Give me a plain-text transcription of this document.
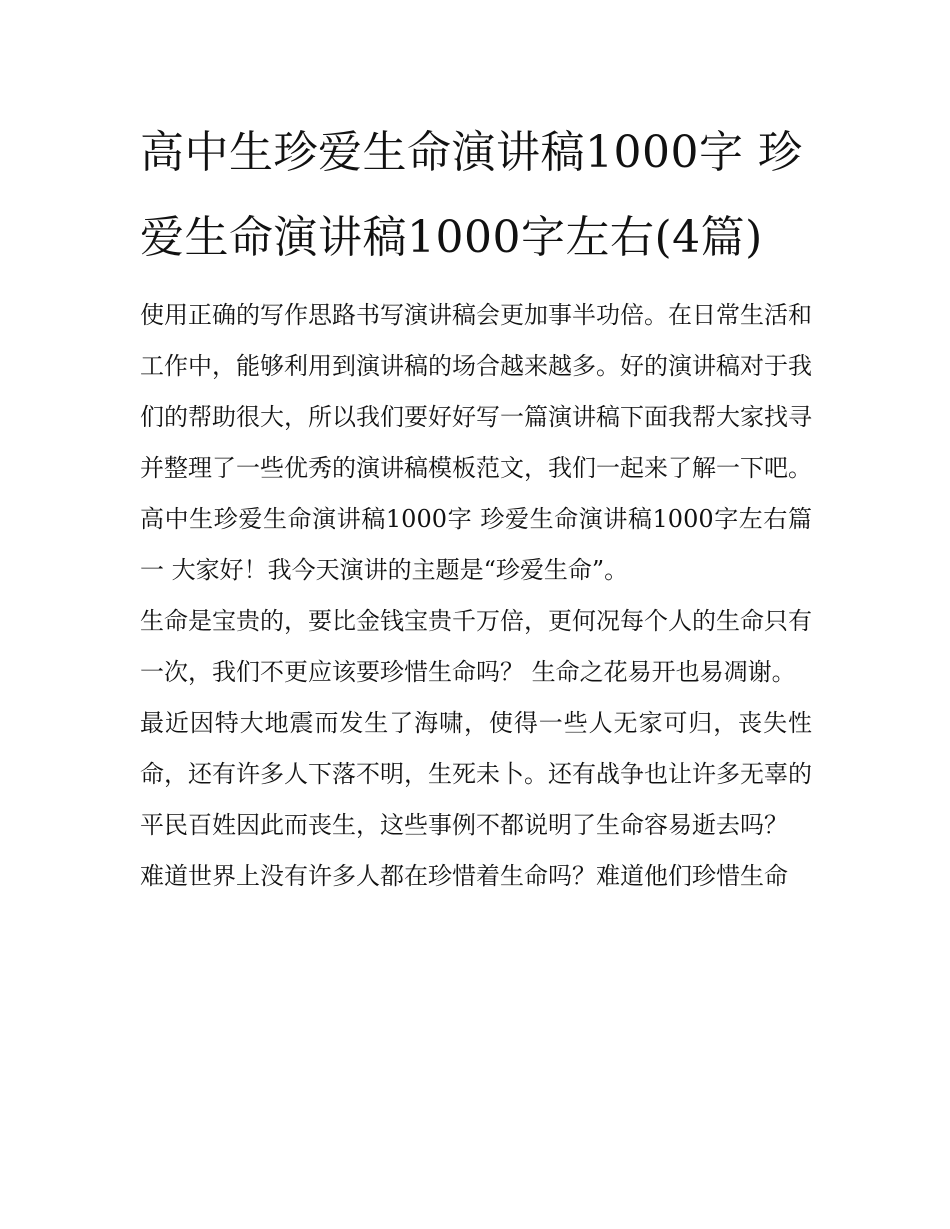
高中生珍爱生命演讲稿1000字 珍爱生命演讲稿1000字左右(4篇)

使用正确的写作思路书写演讲稿会更加事半功倍。在日常生活和工作中，能够利用到演讲稿的场合越来越多。好的演讲稿对于我们的帮助很大，所以我们要好好写一篇演讲稿下面我帮大家找寻并整理了一些优秀的演讲稿模板范文，我们一起来了解一下吧。

高中生珍爱生命演讲稿1000字 珍爱生命演讲稿1000字左右篇一 大家好！我今天演讲的主题是“珍爱生命”。

生命是宝贵的，要比金钱宝贵千万倍，更何况每个人的生命只有一次，我们不更应该要珍惜生命吗？ 生命之花易开也易凋谢。

最近因特大地震而发生了海啸，使得一些人无家可归，丧失性命，还有许多人下落不明，生死未卜。还有战争也让许多无辜的平民百姓因此而丧生，这些事例不都说明了生命容易逝去吗？

难道世界上没有许多人都在珍惜着生命吗？难道他们珍惜生命
